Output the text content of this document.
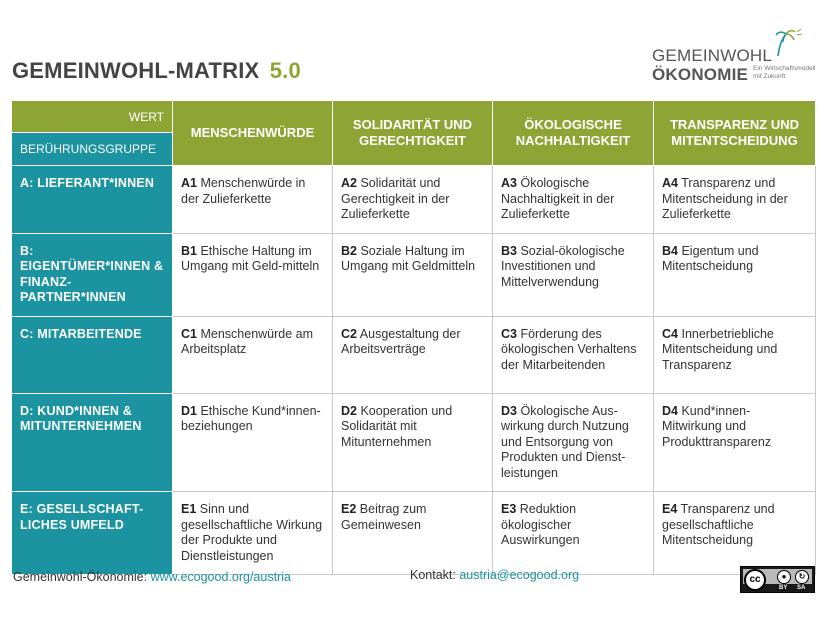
GEMEINWOHL-MATRIX 5.0
GEMEINWOHL
ÖKONOMIE Ein Wirtschaftsmodell mit Zukunft
WERT
BERÜHRUNGSGRUPPE	MENSCHENWÜRDE	SOLIDARITÄT UND GERECHTIGKEIT	ÖKOLOGISCHE NACHHALTIGKEIT	TRANSPARENZ UND MITENTSCHEIDUNG
A: LIEFERANT*INNEN	A1 Menschenwürde in der Zulieferkette	A2 Solidarität und Gerechtigkeit in der Zulieferkette	A3 Ökologische Nachhaltigkeit in der Zulieferkette	A4 Transparenz und Mitentscheidung in der Zulieferkette
B: EIGENTÜMER*INNEN & FINANZ-PARTNER*INNEN	B1 Ethische Haltung im Umgang mit Geld-mitteln	B2 Soziale Haltung im Umgang mit Geldmitteln	B3 Sozial-ökologische Investitionen und Mittelverwendung	B4 Eigentum und Mitentscheidung
C: MITARBEITENDE	C1 Menschenwürde am Arbeitsplatz	C2 Ausgestaltung der Arbeitsverträge	C3 Förderung des ökologischen Verhaltens der Mitarbeitenden	C4 Innerbetriebliche Mitentscheidung und Transparenz
D: KUND*INNEN & MITUNTERNEHMEN	D1 Ethische Kund*innen-beziehungen	D2 Kooperation und Solidarität mit Mitunternehmen	D3 Ökologische Aus-wirkung durch Nutzung und Entsorgung von Produkten und Dienst-leistungen	D4 Kund*innen-Mitwirkung und Produkttransparenz
E: GESELLSCHAFT-LICHES UMFELD	E1 Sinn und gesellschaftliche Wirkung der Produkte und Dienstleistungen	E2 Beitrag zum Gemeinwesen	E3 Reduktion ökologischer Auswirkungen	E4 Transparenz und gesellschaftliche Mitentscheidung
Gemeinwohl-Ökonomie: www.ecogood.org/austria	Kontakt: austria@ecogood.org	cc	●	↻
BY SA
